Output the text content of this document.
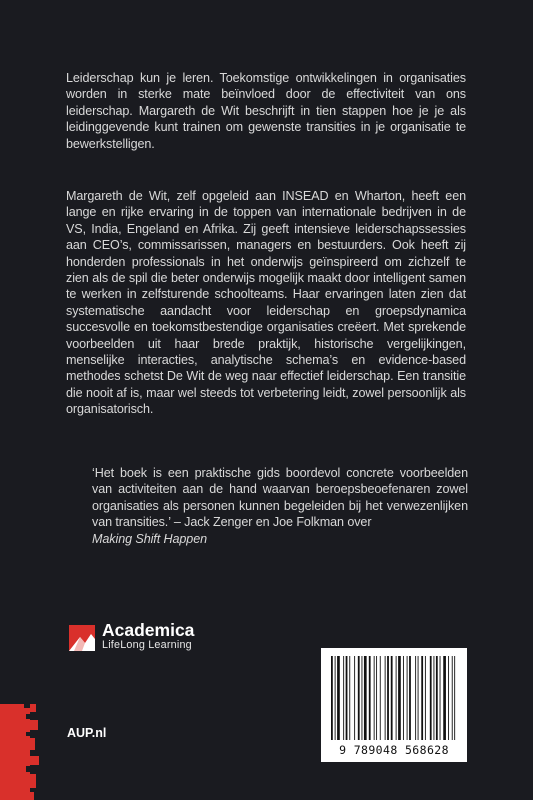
Leiderschap kun je leren. Toekomstige ontwikkelingen in organisaties worden in sterke mate beïnvloed door de effectiviteit van ons leiderschap. Margareth de Wit beschrijft in tien stappen hoe je je als leidinggevende kunt trainen om gewenste transities in je organisatie te bewerkstelligen.

Margareth de Wit, zelf opgeleid aan INSEAD en Wharton, heeft een lange en rijke ervaring in de toppen van internationale bedrijven in de VS, India, Engeland en Afrika. Zij geeft intensieve leiderschapssessies aan CEO’s, commissarissen, managers en bestuurders. Ook heeft zij honderden professionals in het onderwijs geïnspireerd om zichzelf te zien als de spil die beter onderwijs mogelijk maakt door intelligent samen te werken in zelfsturende schoolteams. Haar ervaringen laten zien dat systematische aandacht voor leiderschap en groepsdynamica succesvolle en toekomstbestendige organisaties creëert. Met sprekende voorbeelden uit haar brede praktijk, historische vergelijkingen, menselijke interacties, analytische schema’s en evidence-based methodes schetst De Wit de weg naar effectief leiderschap. Een transitie die nooit af is, maar wel steeds tot verbetering leidt, zowel persoonlijk als organisatorisch.

‘Het boek is een praktische gids boordevol concrete voorbeelden van activiteiten aan de hand waarvan beroepsbeoefenaren zowel organisaties als personen kunnen begeleiden bij het verwezenlijken van transities.’ – Jack Zenger en Joe Folkman over
Making Shift Happen

Academica
LifeLong Learning
AUP.nl
9 789048 568628
